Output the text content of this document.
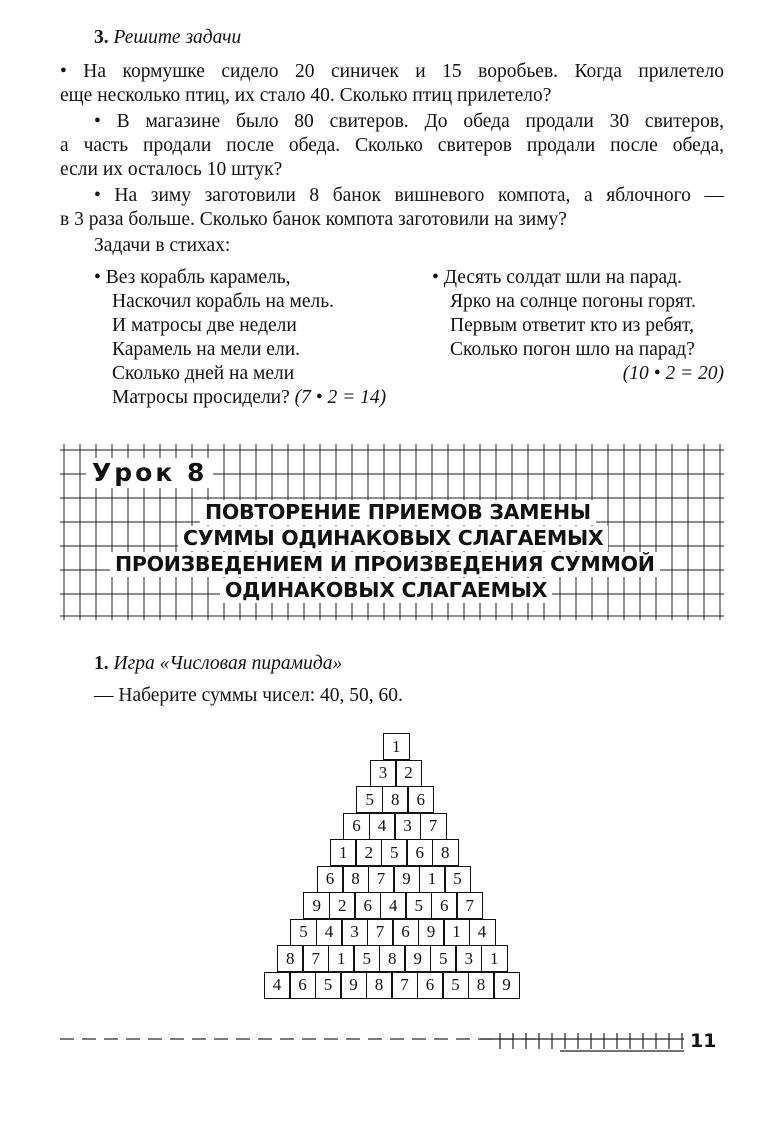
3. Решите задачи
• На кормушке сидело 20 синичек и 15 воробьев. Когда прилетело
еще несколько птиц, их стало 40. Сколько птиц прилетело?
• В магазине было 80 свитеров. До обеда продали 30 свитеров,
а часть продали после обеда. Сколько свитеров продали после обеда,
если их осталось 10 штук?
• На зиму заготовили 8 банок вишневого компота, а яблочного —
в 3 раза больше. Сколько банок компота заготовили на зиму?
Задачи в стихах:
• Вез корабль карамель,
Наскочил корабль на мель.
И матросы две недели
Карамель на мели ели.
Сколько дней на мели
Матросы просидели? (7 • 2 = 14)
• Десять солдат шли на парад.
Ярко на солнце погоны горят.
Первым ответит кто из ребят,
Сколько погон шло на парад?
(10 • 2 = 20)
Урок 8
ПОВТОРЕНИЕ ПРИЕМОВ ЗАМЕНЫ
СУММЫ ОДИНАКОВЫХ СЛАГАЕМЫХ
ПРОИЗВЕДЕНИЕМ И ПРОИЗВЕДЕНИЯ СУММОЙ
ОДИНАКОВЫХ СЛАГАЕМЫХ
1. Игра «Числовая пирамида»
— Наберите суммы чисел: 40, 50, 60.
1
3	2
5	8	6
6	4	3	7
1	2	5	6	8
6	8	7	9	1	5
9	2	6	4	5	6	7
5	4	3	7	6	9	1	4
8	7	1	5	8	9	5	3	1
4	6	5	9	8	7	6	5	8	9
11
